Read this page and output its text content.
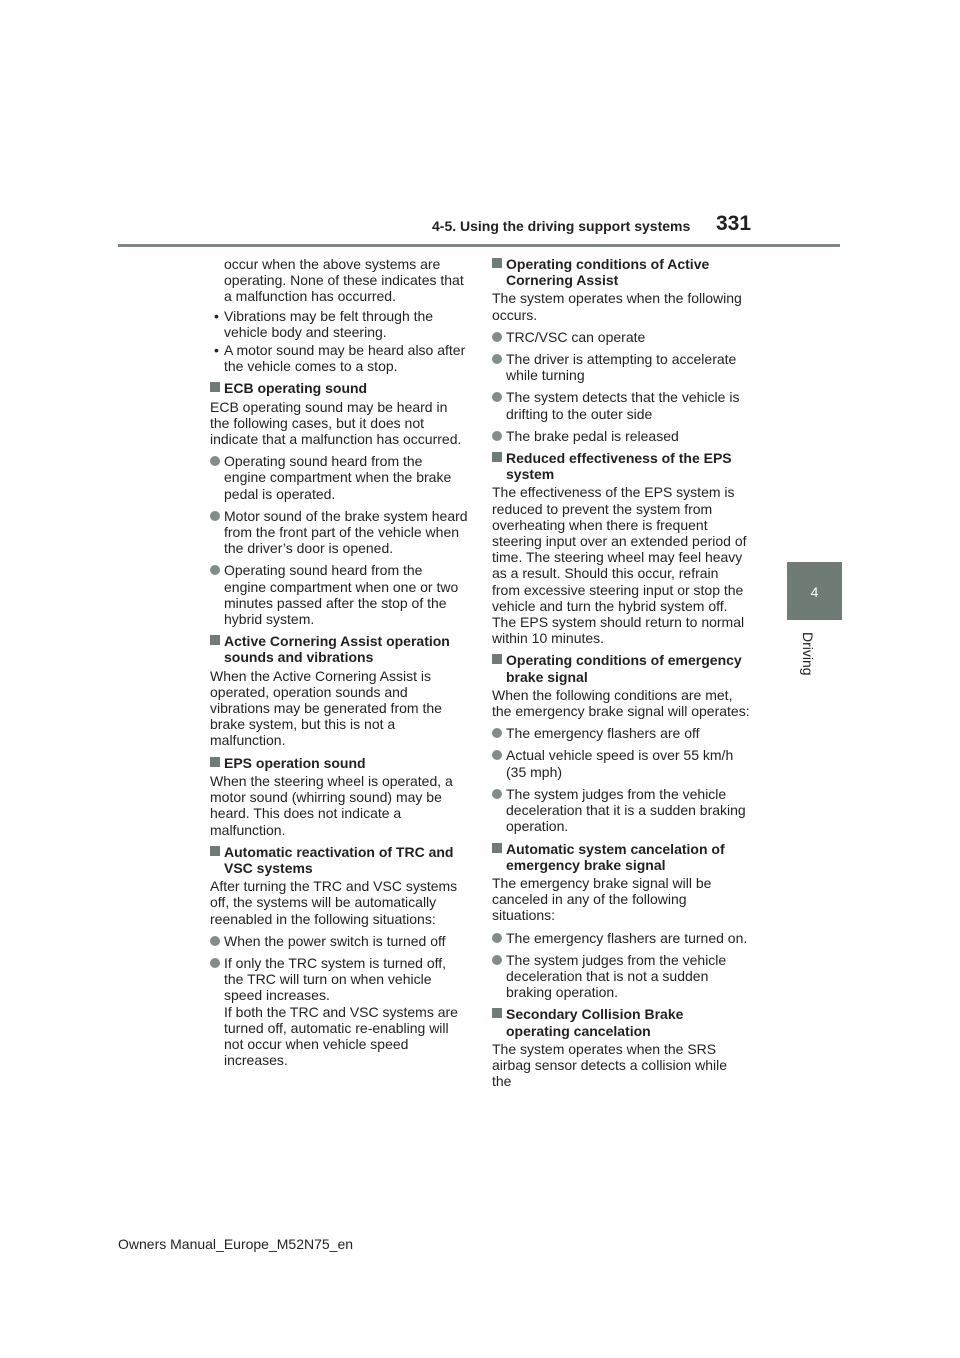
4-5. Using the driving support systems 331
4
Driving
occur when the above systems are operating. None of these indicates that a malfunction has occurred.
• Vibrations may be felt through the vehicle body and steering.
• A motor sound may be heard also after the vehicle comes to a stop.
ECB operating sound
ECB operating sound may be heard in the following cases, but it does not indicate that a malfunction has occurred.
Operating sound heard from the engine compartment when the brake pedal is operated.
Motor sound of the brake system heard from the front part of the vehicle when the driver’s door is opened.
Operating sound heard from the engine compartment when one or two minutes passed after the stop of the hybrid system.
Active Cornering Assist operation sounds and vibrations
When the Active Cornering Assist is operated, operation sounds and vibrations may be generated from the brake system, but this is not a malfunction.
EPS operation sound
When the steering wheel is operated, a motor sound (whirring sound) may be heard. This does not indicate a malfunction.
Automatic reactivation of TRC and VSC systems
After turning the TRC and VSC systems off, the systems will be automatically reenabled in the following situations:
When the power switch is turned off
If only the TRC system is turned off, the TRC will turn on when vehicle speed increases.
If both the TRC and VSC systems are turned off, automatic re-enabling will not occur when vehicle speed increases.
Operating conditions of Active Cornering Assist
The system operates when the following occurs.
TRC/VSC can operate
The driver is attempting to accelerate while turning
The system detects that the vehicle is drifting to the outer side
The brake pedal is released
Reduced effectiveness of the EPS system
The effectiveness of the EPS system is reduced to prevent the system from overheating when there is frequent steering input over an extended period of time. The steering wheel may feel heavy as a result. Should this occur, refrain from excessive steering input or stop the vehicle and turn the hybrid system off. The EPS system should return to normal within 10 minutes.
Operating conditions of emergency brake signal
When the following conditions are met, the emergency brake signal will operates:
The emergency flashers are off
Actual vehicle speed is over 55 km/h (35 mph)
The system judges from the vehicle deceleration that it is a sudden braking operation.
Automatic system cancelation of emergency brake signal
The emergency brake signal will be canceled in any of the following situations:
The emergency flashers are turned on.
The system judges from the vehicle deceleration that is not a sudden braking operation.
Secondary Collision Brake operating cancelation
The system operates when the SRS airbag sensor detects a collision while the
Owners Manual_Europe_M52N75_en
